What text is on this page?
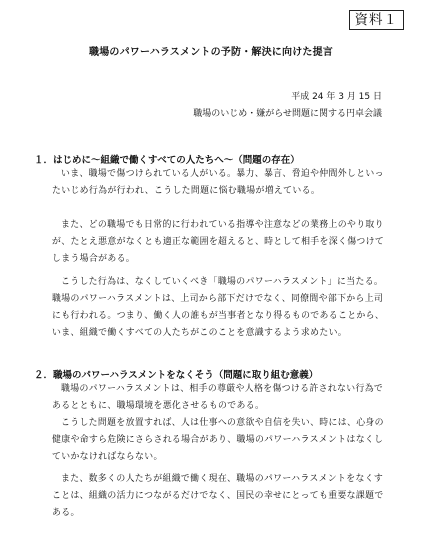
資料１
職場のパワーハラスメントの予防・解決に向けた提言
平成 24 年 3 月 15 日
職場のいじめ・嫌がらせ問題に関する円卓会議
１．はじめに～組織で働くすべての人たちへ～（問題の存在）

いま、職場で傷つけられている人がいる。暴力、暴言、脅迫や仲間外しといったいじめ行為が行われ、こうした問題に悩む職場が増えている。

また、どの職場でも日常的に行われている指導や注意などの業務上のやり取りが、たとえ悪意がなくとも適正な範囲を超えると、時として相手を深く傷つけてしまう場合がある。

こうした行為は、なくしていくべき「職場のパワーハラスメント」に当たる。職場のパワーハラスメントは、上司から部下だけでなく、同僚間や部下から上司にも行われる。つまり、働く人の誰もが当事者となり得るものであることから、いま、組織で働くすべての人たちがこのことを意識するよう求めたい。

２．職場のパワーハラスメントをなくそう（問題に取り組む意義）

職場のパワーハラスメントは、相手の尊厳や人格を傷つける許されない行為であるとともに、職場環境を悪化させるものである。

こうした問題を放置すれば、人は仕事への意欲や自信を失い、時には、心身の健康や命すら危険にさらされる場合があり、職場のパワーハラスメントはなくしていかなければならない。

また、数多くの人たちが組織で働く現在、職場のパワーハラスメントをなくすことは、組織の活力につながるだけでなく、国民の幸せにとっても重要な課題である。
